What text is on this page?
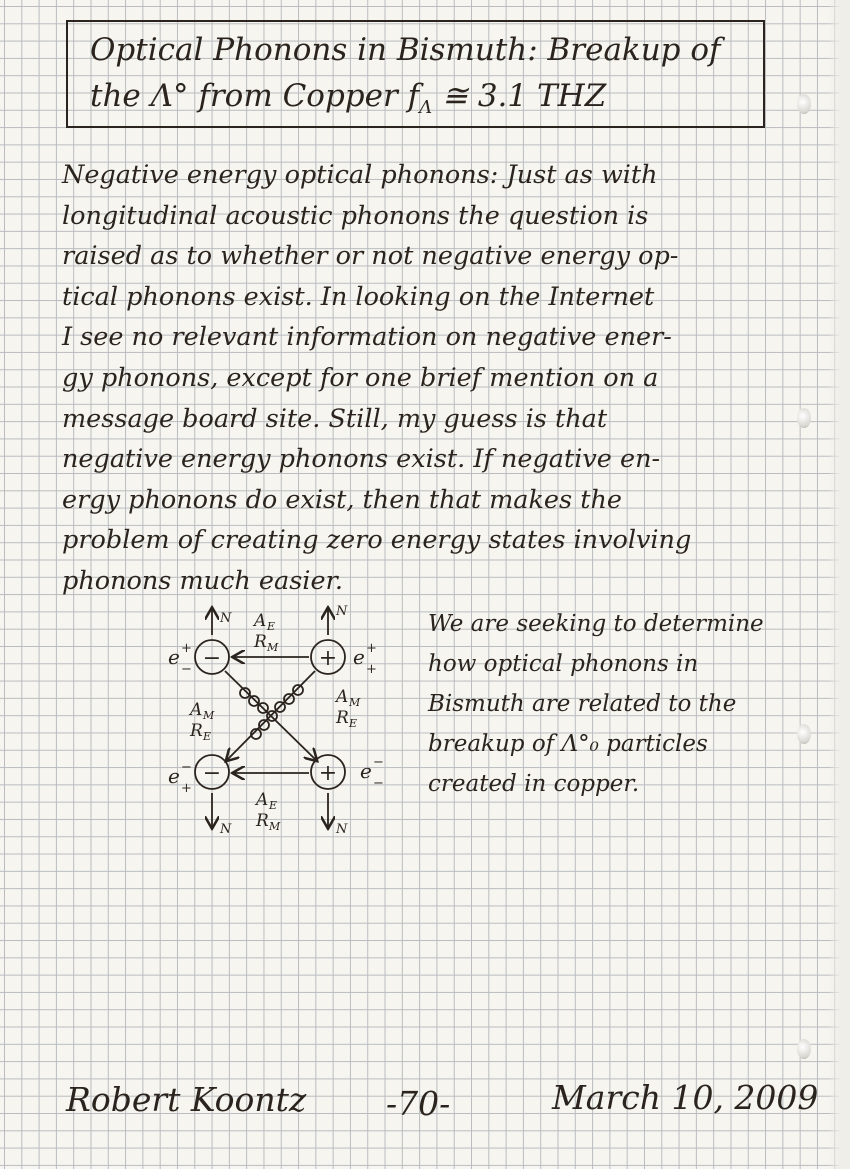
Optical Phonons in Bismuth: Breakup of
the Λ° from Copper $f_\Lambda$ ≅ 3.1 THZ
Negative energy optical phonons: Just as with
longitudinal acoustic phonons the question is
raised as to whether or not negative energy op-
tical phonons exist. In looking on the Internet
I see no relevant information on negative ener-
gy phonons, except for one brief mention on a
message board site. Still, my guess is that
negative energy phonons exist. If negative en-
ergy phonons do exist, then that makes the
problem of creating zero energy states involving
phonons much easier.
−	+
−	+
e +
−
e +
+
e −
+
e −
−
N	N
N	N
A E
R M
A M
R E
A M
R E
A E
R M
We are seeking to determine
how optical phonons in
Bismuth are related to the
breakup of Λ°₀ particles
created in copper.
Robert Koontz -70-	March 10, 2009
